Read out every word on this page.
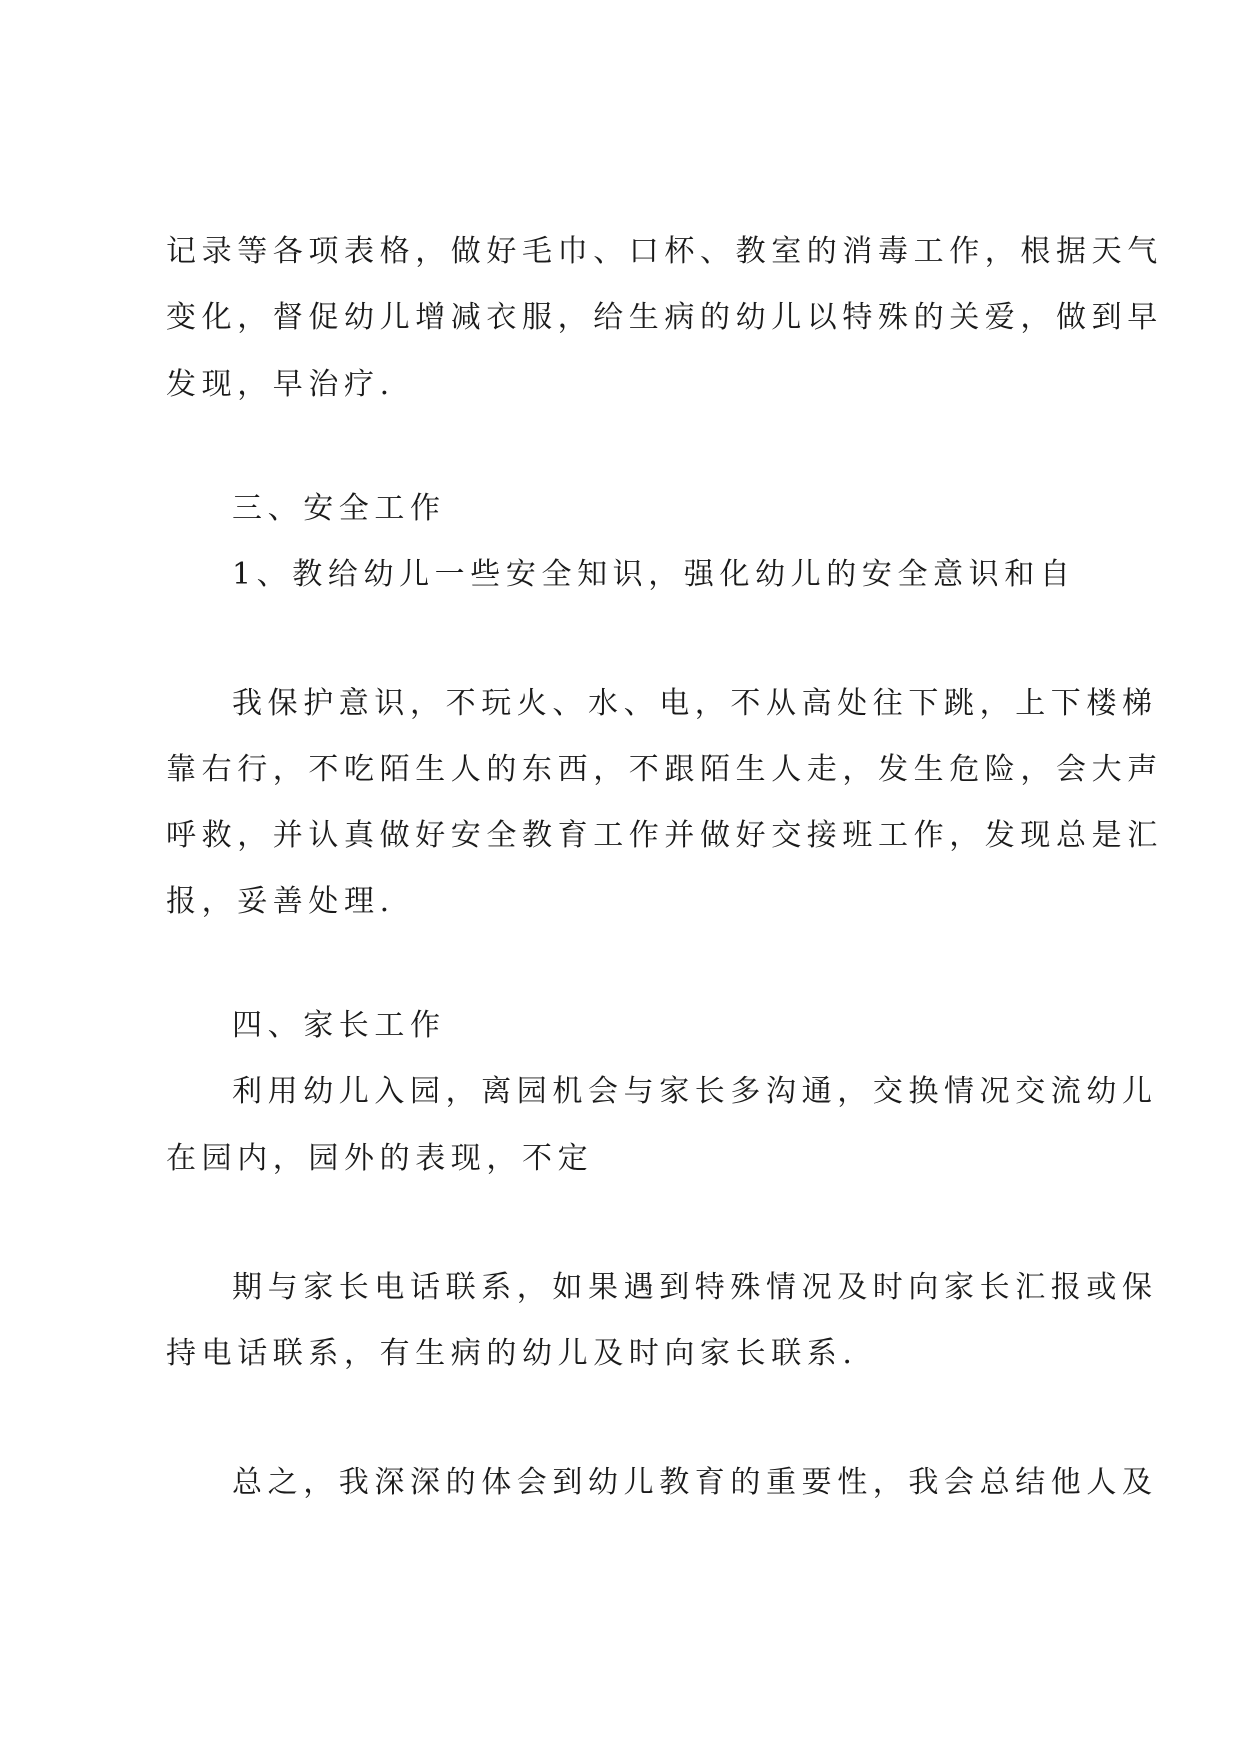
记录等各项表格，做好毛巾、口杯、教室的消毒工作，根据天气
变化，督促幼儿增减衣服，给生病的幼儿以特殊的关爱，做到早
发现，早治疗.
三、安全工作
1、教给幼儿一些安全知识，强化幼儿的安全意识和自
我保护意识，不玩火、水、电，不从高处往下跳，上下楼梯
靠右行，不吃陌生人的东西，不跟陌生人走，发生危险，会大声
呼救，并认真做好安全教育工作并做好交接班工作，发现总是汇
报，妥善处理.
四、家长工作
利用幼儿入园，离园机会与家长多沟通，交换情况交流幼儿
在园内，园外的表现，不定
期与家长电话联系，如果遇到特殊情况及时向家长汇报或保
持电话联系，有生病的幼儿及时向家长联系.
总之，我深深的体会到幼儿教育的重要性，我会总结他人及
